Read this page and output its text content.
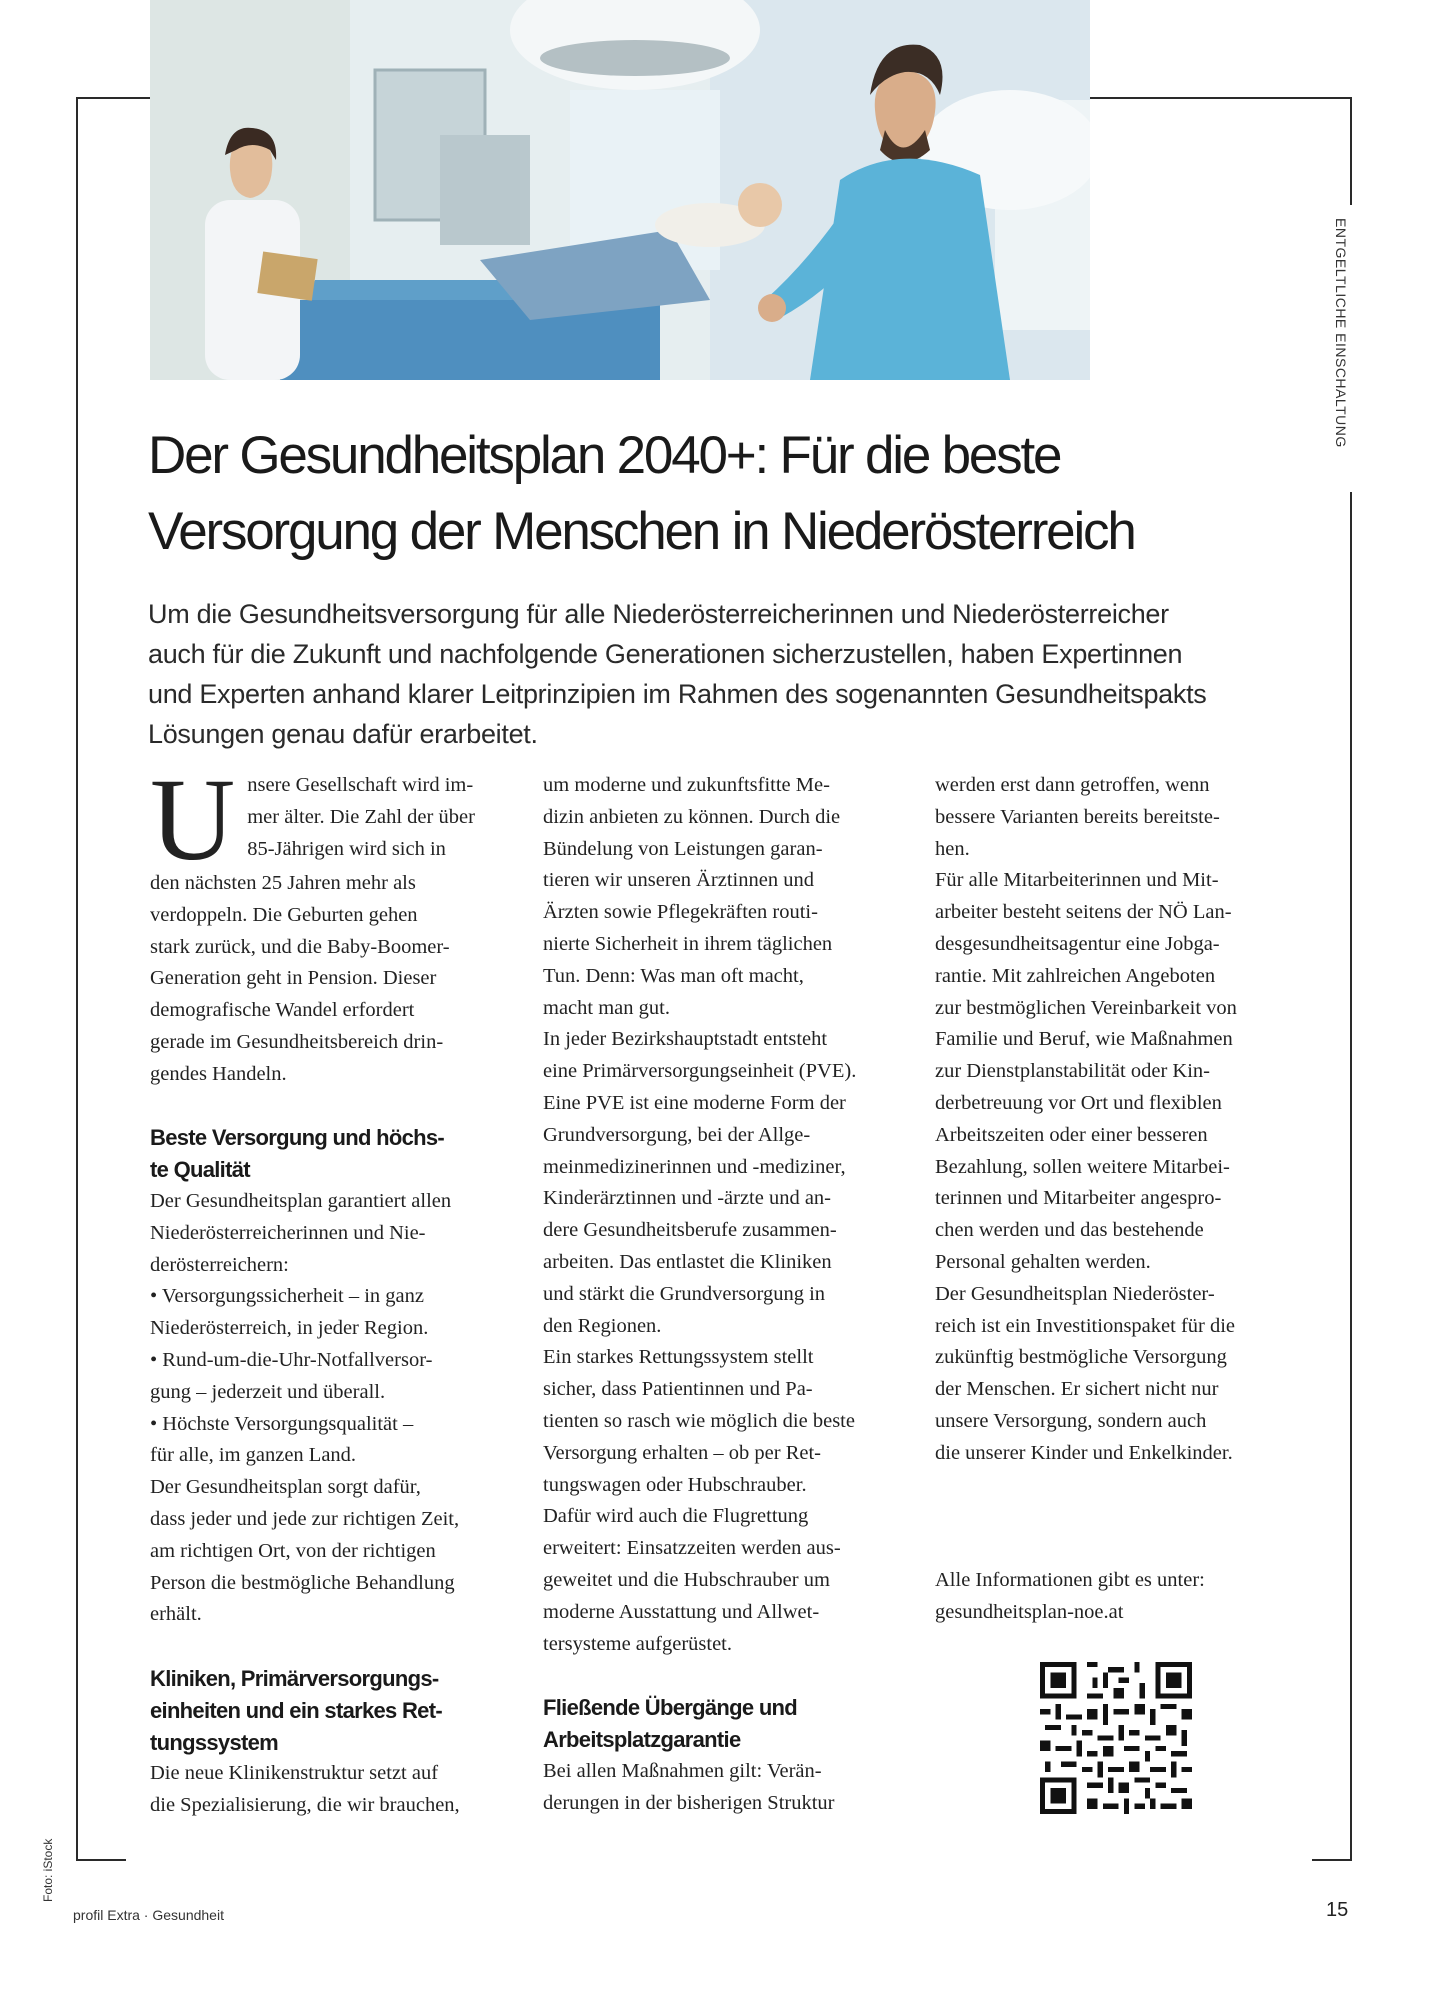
ENTGELTLICHE EINSCHALTUNG
Der Gesundheitsplan 2040+: Für die beste
Versorgung der Menschen in Niederösterreich

Um die Gesundheitsversorgung für alle Niederösterreicherinnen und Niederösterreicher
auch für die Zukunft und nachfolgende Generationen sicherzustellen, haben Expertinnen
und Experten anhand klarer Leitprinzipien im Rahmen des sogenannten Gesundheitspakts
Lösungen genau dafür erarbeitet.

U nsere Gesellschaft wird im-
mer älter. Die Zahl der über
85-Jährigen wird sich in
den nächsten 25 Jahren mehr als
verdoppeln. Die Geburten gehen
stark zurück, und die Baby-Boomer-
Generation geht in Pension. Dieser
demografische Wandel erfordert
gerade im Gesundheitsbereich drin-
gendes Handeln.
Beste Versorgung und höchs-
te Qualität
Der Gesundheitsplan garantiert allen
Niederösterreicherinnen und Nie-
derösterreichern:
• Versorgungssicherheit – in ganz
Niederösterreich, in jeder Region.
• Rund-um-die-Uhr-Notfallversor-
gung – jederzeit und überall.
• Höchste Versorgungsqualität –
für alle, im ganzen Land.
Der Gesundheitsplan sorgt dafür,
dass jeder und jede zur richtigen Zeit,
am richtigen Ort, von der richtigen
Person die bestmögliche Behandlung
erhält.
Kliniken, Primärversorgungs-
einheiten und ein starkes Ret-
tungssystem
Die neue Klinikenstruktur setzt auf
die Spezialisierung, die wir brauchen,
um moderne und zukunftsfitte Me-
dizin anbieten zu können. Durch die
Bündelung von Leistungen garan-
tieren wir unseren Ärztinnen und
Ärzten sowie Pflegekräften routi-
nierte Sicherheit in ihrem täglichen
Tun. Denn: Was man oft macht,
macht man gut.
In jeder Bezirkshauptstadt entsteht
eine Primärversorgungseinheit (PVE).
Eine PVE ist eine moderne Form der
Grundversorgung, bei der Allge-
meinmedizinerinnen und -mediziner,
Kinderärztinnen und -ärzte und an-
dere Gesundheitsberufe zusammen-
arbeiten. Das entlastet die Kliniken
und stärkt die Grundversorgung in
den Regionen.
Ein starkes Rettungssystem stellt
sicher, dass Patientinnen und Pa-
tienten so rasch wie möglich die beste
Versorgung erhalten – ob per Ret-
tungswagen oder Hubschrauber.
Dafür wird auch die Flugrettung
erweitert: Einsatzzeiten werden aus-
geweitet und die Hubschrauber um
moderne Ausstattung und Allwet-
tersysteme aufgerüstet.
Fließende Übergänge und
Arbeitsplatzgarantie
Bei allen Maßnahmen gilt: Verän-
derungen in der bisherigen Struktur
werden erst dann getroffen, wenn
bessere Varianten bereits bereitste-
hen.
Für alle Mitarbeiterinnen und Mit-
arbeiter besteht seitens der NÖ Lan-
desgesundheitsagentur eine Jobga-
rantie. Mit zahlreichen Angeboten
zur bestmöglichen Vereinbarkeit von
Familie und Beruf, wie Maßnahmen
zur Dienstplanstabilität oder Kin-
derbetreuung vor Ort und flexiblen
Arbeitszeiten oder einer besseren
Bezahlung, sollen weitere Mitarbei-
terinnen und Mitarbeiter angespro-
chen werden und das bestehende
Personal gehalten werden.
Der Gesundheitsplan Niederöster-
reich ist ein Investitionspaket für die
zukünftig bestmögliche Versorgung
der Menschen. Er sichert nicht nur
unsere Versorgung, sondern auch
die unserer Kinder und Enkelkinder.
Alle Informationen gibt es unter:
gesundheitsplan-noe.at
profil Extra · Gesundheit	15
Foto: iStock
